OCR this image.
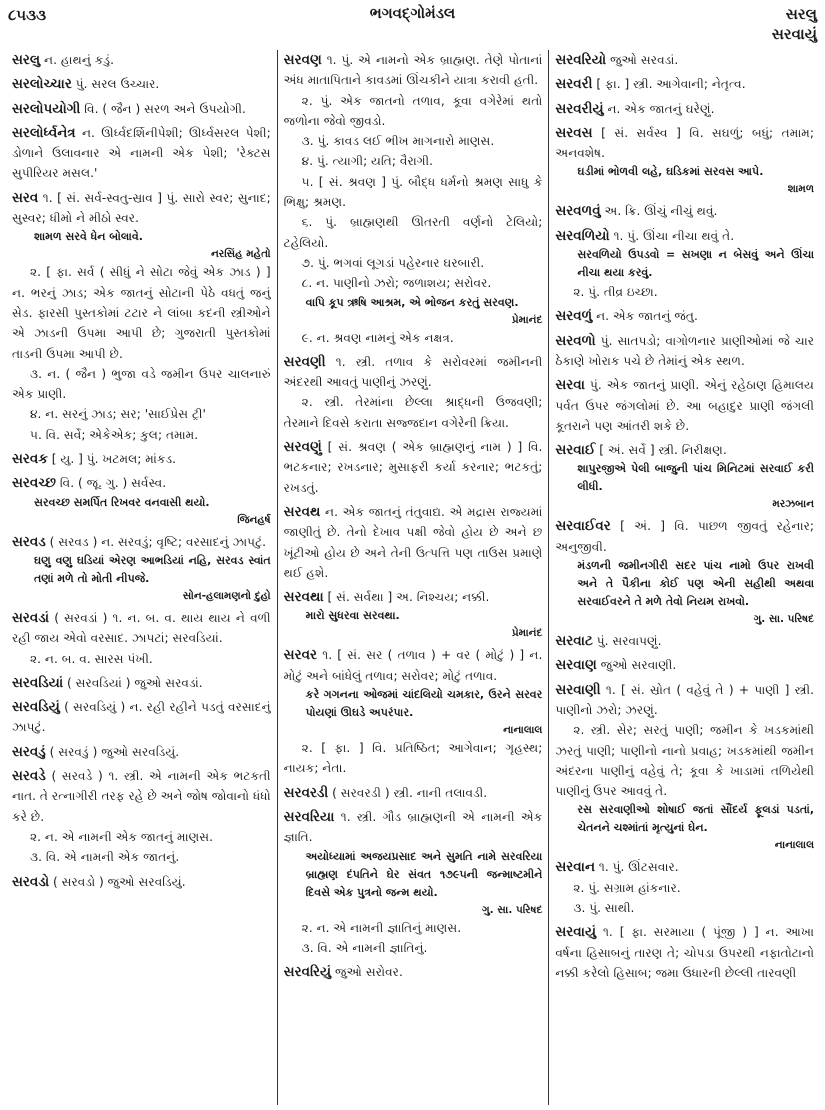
૮૫૩૩	ભગવદ્ગોમંડલ	સરલુ
સરવાયું

સરલુ ન. હાથનું કડું.

સરલોચ્ચાર પું. સરલ ઉચ્ચાર.

સરલોપયોગી વિ. ( જૈન ) સરળ અને ઉપયોગી.

સરલોર્ધ્વનેત્ર ન. ઊર્ધ્વદર્શિનીપેશી; ઊર્ધ્વસરલ પેશી; ડોળાને ઉલાવનાર એ નામની એક પેશી; 'રેક્ટસ સુપીરિયર મસલ.'

સરવ ૧. [ સં. સર્વ-સ્વતુ-સ્રાવ ] પું. સારો સ્વર; સુનાદ; સુસ્વર; ધીમો ને મીઠો સ્વર.

શામળ સરવે ધેન બોલાવે.
નરસિંહ મહેતો

૨. [ ફા. સર્વ ( સીધું ને સોટા જેવું એક ઝાડ ) ] ન. ભરનું ઝાડ; એક જાતનું સોટાની પેઠે વધતું જનું સેડ. ફારસી પુસ્તકોમાં ટટાર ને લાંબા કદની સ્ત્રીઓને એ ઝાડની ઉપમા આપી છે; ગુજરાતી પુસ્તકોમાં તાડની ઉપમા આપી છે.

૩. ન. ( જૈન ) ભુજા વડે જમીન ઉપર ચાલનારું એક પ્રાણી.

૪. ન. સરનું ઝાડ; સર; 'સાઈપ્રેસ ટ્રી'

૫. વિ. સર્વે; એકેએક; કુલ; તમામ.

સરવક [ યુ. ] પું. ખટમલ; માંકડ.

સરવચ્છ વિ. ( જૂ. ગુ. ) સર્વસ્વ.

સરવચ્છ સમર્પિત રિખવર વનવાસી થયો.
જિનહર્ષ

સરવડ ( સરવડ ) ન. સરવડું; વૃષ્ટિ; વરસાદનું ઝાપટું.

ઘણુ વણુ ઘડિયાં એરણ આભડિયાં નહિ, સરવડ સ્વાંત તણાં મળે તો મોતી નીપજે.
સોન-હલામણનો દુહો

સરવડાં ( સરવડાં ) ૧. ન. બ. વ. થાય થાય ને વળી રહી જાય એવો વરસાદ. ઝાપટાં; સરવડિયાં.

૨. ન. બ. વ. સારસ પંખી.

સરવડિયાં ( સરવડિયાં ) જુઓ સરવડાં.

સરવડિયું ( સરવડિયું ) ન. રહી રહીને પડતું વરસાદનું ઝાપટું.

સરવડું ( સરવડું ) જુઓ સરવડિયું.

સરવડે ( સરવડે ) ૧. સ્ત્રી. એ નામની એક ભટકતી નાત. તે રત્નાગીરી તરફ રહે છે અને જોષ જોવાનો ધંધો કરે છે.

૨. ન. એ નામની એક જાતનું માણસ.

૩. વિ. એ નામની એક જાતનું.

સરવડો ( સરવડો ) જુઓ સરવડિયું.

સરવણ ૧. પું. એ નામનો એક બ્રાહ્મણ. તેણે પોતાનાં અંધ માતાપિતાને કાવડમાં ઊંચકીને યાત્રા કરાવી હતી.

૨. પું. એક જાતનો તળાવ, કૂવા વગેરેમાં થતો જળોના જેવો જીવડો.

૩. પું. કાવડ લઈ ભીખ માગનારો માણસ.

૪. પું. ત્યાગી; યતિ; વૈરાગી.

૫. [ સં. શ્રવણ ] પું. બૌદ્ધ ધર્મનો શ્રમણ સાધુ કે ભિક્ષુ; શ્રમણ.

૬. પું. બ્રાહ્મણથી ઊતરતી વર્ણનો ટેલિયો; ટહેલિયો.

૭. પું. ભગવાં લૂગડાં પહેરનાર ઘરબારી.

૮. ન. પાણીનો ઝરો; જળાશય; સરોવર.

વાપિ કૂપ ઋષિ આશ્રમ, એ ભોજન કરતું સરવણ.
પ્રેમાનંદ

૯. ન. શ્રવણ નામનું એક નક્ષત્ર.

સરવણી ૧. સ્ત્રી. તળાવ કે સરોવરમાં જમીનની અંદરથી આવતું પાણીનું ઝરણું.

૨. સ્ત્રી. તેરમાંના છેલ્લા શ્રાદ્ધની ઉજવણી; તેરમાને દિવસે કરાતા સજ્જદાન વગેરેની ક્રિયા.

સરવણું [ સં. શ્રવણ ( એક બ્રાહ્મણનું નામ ) ] વિ. ભટકનાર; રખડનાર; મુસાફરી કર્યા કરનાર; ભટકતું; રખડતું.

સરવથ ન. એક જાતનું તંતુવાદ્ય. એ મદ્રાસ રાજ્યમાં જાણીતું છે. તેનો દેખાવ પક્ષી જેવો હોય છે અને છ ખૂંટીઓ હોય છે અને તેની ઉત્પત્તિ પણ તાઉસ પ્રમાણે થઈ હશે.

સરવથા [ સં. સર્વથા ] અ. નિશ્ચય; નક્કી.

મારો સુધરવા સરવથા.
પ્રેમાનંદ

સરવર ૧. [ સં. સર ( તળાવ ) + વર ( મોટું ) ] ન. મોટું અને બાંધેલું તળાવ; સરોવર; મોટું તળાવ.

કરે ગગનના ઓજમાં ચાંદલિયો ચમકાર, ઉરને સરવર પોયણાં ઊઘડે અપરંપાર.
નાનાલાલ

૨. [ ફા. ] વિ. પ્રતિષ્ઠિત; આગેવાન; ગૃહસ્થ; નાયક; નેતા.

સરવરડી ( સરવરડી ) સ્ત્રી. નાની તલાવડી.

સરવરિયા ૧. સ્ત્રી. ગૌડ બ્રાહ્મણની એ નામની એક જ્ઞાતિ.

અયોધ્યામાં અજયપ્રસાદ અને સુમતિ નામે સરવરિયા બ્રાહ્મણ દંપતિને ઘેર સંવત ૧૭૯૫ની જન્માષ્ટમીને દિવસે એક પુત્રનો જન્મ થયો.
ગુ. સા. પરિષદ

૨. ન. એ નામની જ્ઞાતિનું માણસ.

૩. વિ. એ નામની જ્ઞાતિનું.

સરવરિયું જુઓ સરોવર.

સરવરિયો જુઓ સરવડાં.

સરવરી [ ફા. ] સ્ત્રી. આગેવાની; નેતૃત્વ.

સરવરીયું ન. એક જાતનું ઘરેણું.

સરવસ [ સં. સર્વસ્વ ] વિ. સઘળું; બધું; તમામ; અનવશેષ.

ઘડીમાં ભોળવી લહે, ઘડિકમાં સરવસ આપે.
શામળ

સરવળવું અ. ક્રિ. ઊંચું નીચું થવું.

સરવળિયો ૧. પું. ઊંચા નીચા થવું તે.

સરવળિયો ઉપડવો = સખણા ન બેસવું અને ઊંચા નીચા થયા કરવું.

૨. પું. તીવ્ર ઇચ્છા.

સરવળું ન. એક જાતનું જંતુ.

સરવળો પું. સાતપડો; વાગોળનાર પ્રાણીઓમાં જે ચાર ઠેકાણે ખોરાક પચે છે તેમાંનું એક સ્થળ.

સરવા પું. એક જાતનું પ્રાણી. એનું રહેઠાણ હિમાલય પર્વત ઉપર જંગલોમાં છે. આ બહાદુર પ્રાણી જંગલી કૂતરાને પણ આંતરી શકે છે.

સરવાઈ [ અં. સર્વે ] સ્ત્રી. નિરીક્ષણ.

શાપુરજીએ પેલી બાજુની પાંચ મિનિટમાં સરવાઈ કરી લીધી.
મરઝબાન

સરવાઈવર [ અં. ] વિ. પાછળ જીવતું રહેનાર; અનુજીવી.

મંડળની જમીનગીરી સદર પાંચ નામો ઉપર રાખવી અને તે પૈકીના કોઈ પણ એની સહીથી અથવા સરવાઈવરને તે મળે તેવો નિયમ રાખવો.
ગુ. સા. પરિષદ

સરવાટ પું. સરવાપણું.

સરવાણ જુઓ સરવાણી.

સરવાણી ૧. [ સં. સ્રોત ( વહેવું તે ) + પાણી ] સ્ત્રી. પાણીનો ઝરો; ઝરણું.

૨. સ્ત્રી. સેર; સરતું પાણી; જમીન કે ખડકમાંથી ઝરતું પાણી; પાણીનો નાનો પ્રવાહ; ખડકમાંથી જમીન અંદરના પાણીનું વહેવું તે; કૂવા કે ખાડામાં તળિયેથી પાણીનું ઉપર આવવું તે.

રસ સરવાણીઓ શોષાઈ જતાં સૌંદર્ય ફૂલડાં પડતાં, ચેતનને ચશ્માંતાં મૃત્યુનાં ઘેન.
નાનાલાલ

સરવાન ૧. પું. ઊંટસવાર.

૨. પું. સગ્રામ હાંકનાર.

૩. પું. સાથી.

સરવાયું ૧. [ ફા. સરમાયા ( પૂંજી ) ] ન. આખા વર્ષના હિસાબનું તારણ તે; ચોપડા ઉપરથી નફાતોટાનો નક્કી કરેલો હિસાબ; જમા ઉધારની છેલ્લી તારવણી
